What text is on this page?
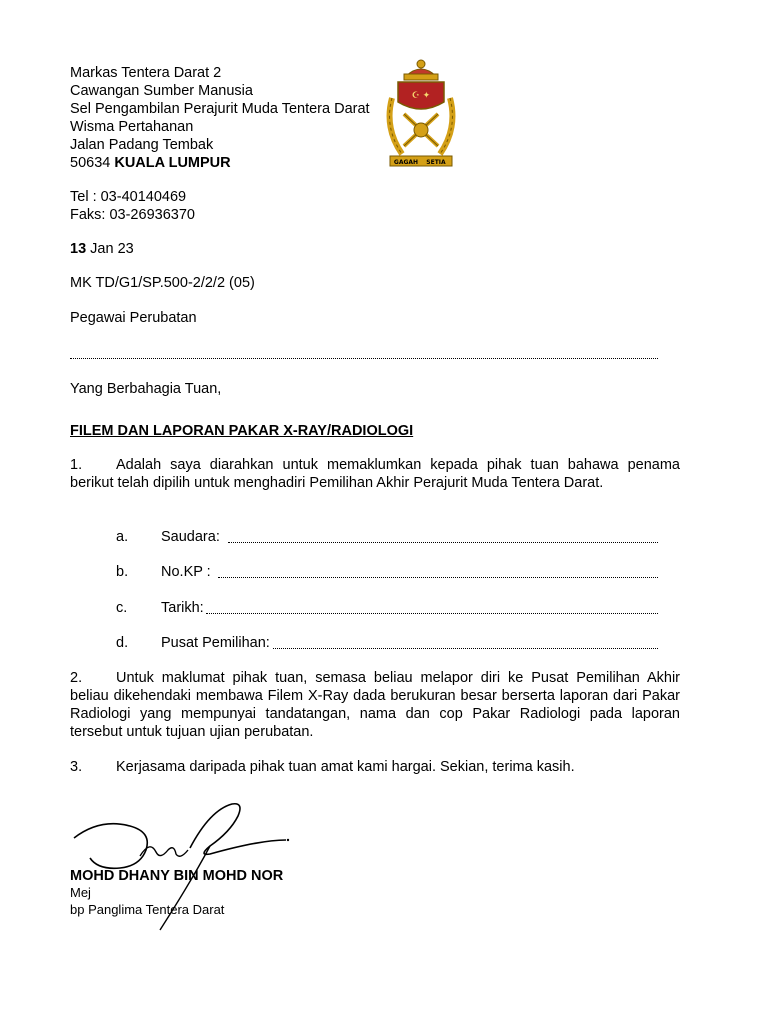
Markas Tentera Darat 2
Cawangan Sumber Manusia
Sel Pengambilan Perajurit Muda Tentera Darat
Wisma Pertahanan
Jalan Padang Tembak
50634 KUALA LUMPUR
☪ ✦
GAGAH SETIA
Tel : 03-40140469
Faks: 03-26936370
13 Jan 23
MK TD/G1/SP.500-2/2/2 (05)
Pegawai Perubatan
Yang Berbahagia Tuan,
FILEM DAN LAPORAN PAKAR X-RAY/RADIOLOGI
1. Adalah saya diarahkan untuk memaklumkan kepada pihak tuan bahawa penama berikut telah dipilih untuk menghadiri Pemilihan Akhir Perajurit Muda Tentera Darat.
a. Saudara:
b. No.KP :
c. Tarikh:
d. Pusat Pemilihan:
2. Untuk maklumat pihak tuan, semasa beliau melapor diri ke Pusat Pemilihan Akhir beliau dikehendaki membawa Filem X-Ray dada berukuran besar berserta laporan dari Pakar Radiologi yang mempunyai tandatangan, nama dan cop Pakar Radiologi pada laporan tersebut untuk tujuan ujian perubatan.
3. Kerjasama daripada pihak tuan amat kami hargai. Sekian, terima kasih.
MOHD DHANY BIN MOHD NOR
Mej
bp Panglima Tentera Darat
